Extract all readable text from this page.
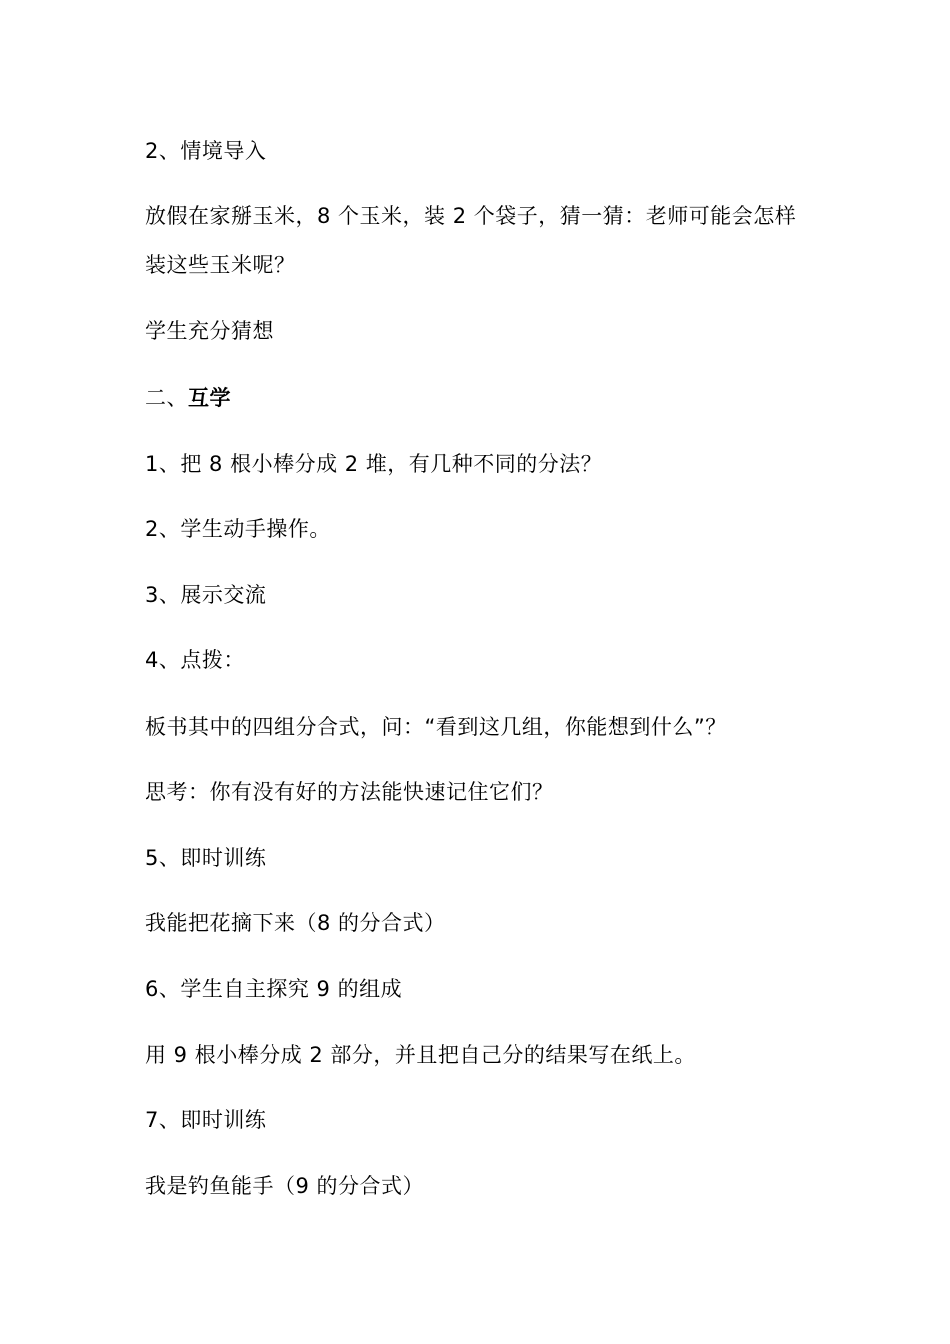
2、情境导入
放假在家掰玉米，8 个玉米，装 2 个袋子，猜一猜：老师可能会怎样
装这些玉米呢？
学生充分猜想
二、互学
1、把 8 根小棒分成 2 堆，有几种不同的分法？
2、学生动手操作。
3、展示交流
4、点拨：
板书其中的四组分合式，问：“看到这几组，你能想到什么”？
思考：你有没有好的方法能快速记住它们？
5、即时训练
我能把花摘下来（8 的分合式）
6、学生自主探究 9 的组成
用 9 根小棒分成 2 部分，并且把自己分的结果写在纸上。
7、即时训练
我是钓鱼能手（9 的分合式）
